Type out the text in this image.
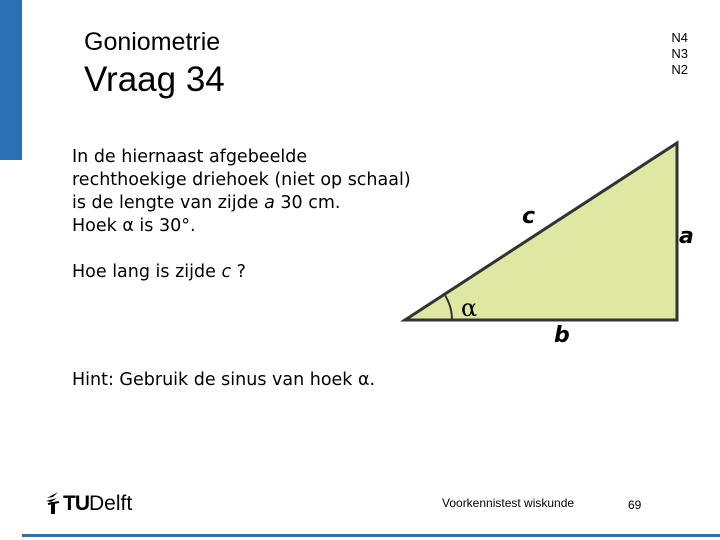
Goniometrie
Vraag 34
N4
N3
N2

In de hiernaast afgebeelde

rechthoekige driehoek (niet op schaal)

is de lengte van zijde a 30 cm.

Hoek α is 30°.

Hoe lang is zijde c ?

c
a
b
α
Hint: Gebruik de sinus van hoek α.
TU Delft	Voorkennistest wiskunde	69
